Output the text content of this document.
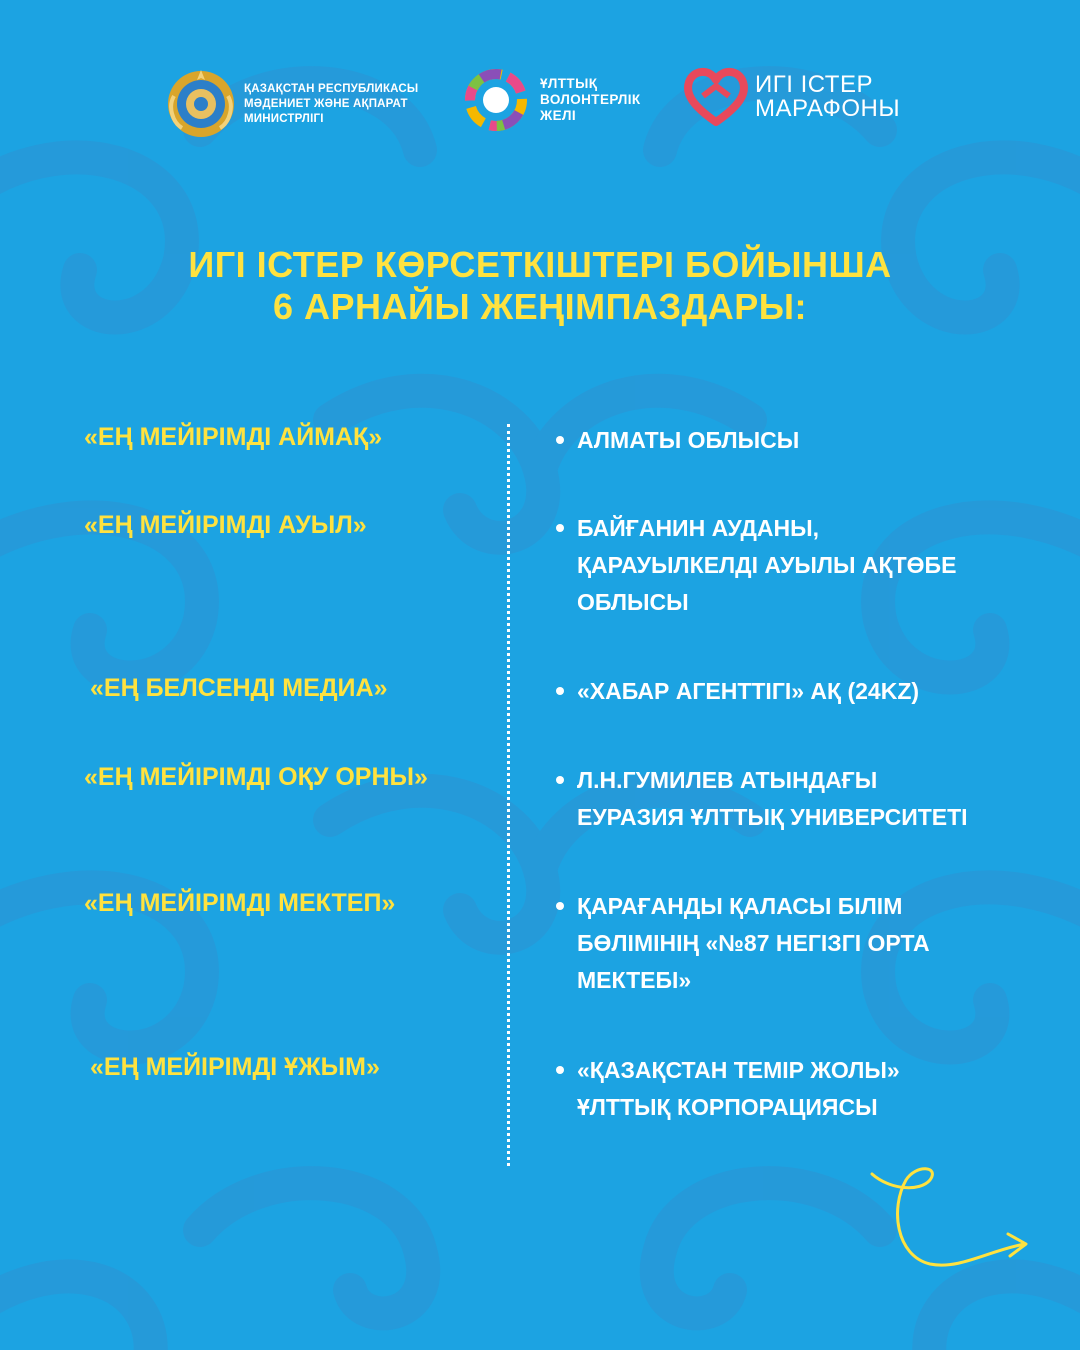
ҚАЗАҚСТАН РЕСПУБЛИКАСЫ
МӘДЕНИЕТ ЖӘНЕ АҚПАРАТ
МИНИСТРЛІГІ
ҰЛТТЫҚ
ВОЛОНТЕРЛІК
ЖЕЛІ
ИГІ ІСТЕР
МАРАФОНЫ
ИГІ ІСТЕР КӨРСЕТКІШТЕРІ БОЙЫНША
6 АРНАЙЫ ЖЕҢІМПАЗДАРЫ:
«ЕҢ МЕЙІРІМДІ АЙМАҚ»	АЛМАТЫ ОБЛЫСЫ
«ЕҢ МЕЙІРІМДІ АУЫЛ»	БАЙҒАНИН АУДАНЫ,
ҚАРАУЫЛКЕЛДІ АУЫЛЫ АҚТӨБЕ
ОБЛЫСЫ
«ЕҢ БЕЛСЕНДІ МЕДИА»	«ХАБАР АГЕНТТІГІ» АҚ (24KZ)
«ЕҢ МЕЙІРІМДІ ОҚУ ОРНЫ»	Л.Н.ГУМИЛЕВ АТЫНДАҒЫ
ЕУРАЗИЯ ҰЛТТЫҚ УНИВЕРСИТЕТІ
«ЕҢ МЕЙІРІМДІ МЕКТЕП»	ҚАРАҒАНДЫ ҚАЛАСЫ БІЛІМ
БӨЛІМІНІҢ «№87 НЕГІЗГІ ОРТА
МЕКТЕБІ»
«ЕҢ МЕЙІРІМДІ ҰЖЫМ»	«ҚАЗАҚСТАН ТЕМІР ЖОЛЫ»
ҰЛТТЫҚ КОРПОРАЦИЯСЫ
